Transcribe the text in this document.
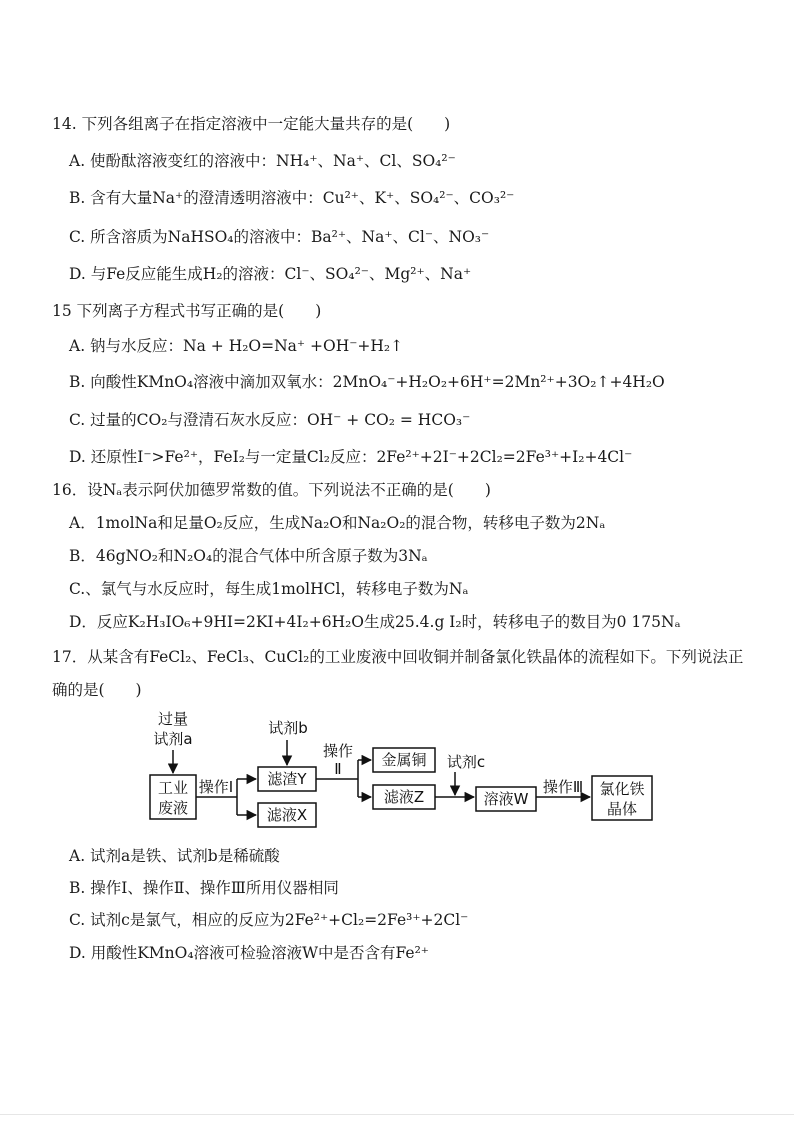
14. 下列各组离子在指定溶液中一定能大量共存的是(　　)
A. 使酚酞溶液变红的溶液中：NH₄⁺、Na⁺、Cl、SO₄²⁻
B. 含有大量Na⁺的澄清透明溶液中：Cu²⁺、K⁺、SO₄²⁻、CO₃²⁻
C. 所含溶质为NaHSO₄的溶液中：Ba²⁺、Na⁺、Cl⁻、NO₃⁻
D. 与Fe反应能生成H₂的溶液：Cl⁻、SO₄²⁻、Mg²⁺、Na⁺
15 下列离子方程式书写正确的是(　　)
A. 钠与水反应：Na + H₂O=Na⁺ +OH⁻+H₂↑
B. 向酸性KMnO₄溶液中滴加双氧水：2MnO₄⁻+H₂O₂+6H⁺=2Mn²⁺+3O₂↑+4H₂O
C. 过量的CO₂与澄清石灰水反应：OH⁻ + CO₂ = HCO₃⁻
D. 还原性I⁻>Fe²⁺，FeI₂与一定量Cl₂反应：2Fe²⁺+2I⁻+2Cl₂=2Fe³⁺+I₂+4Cl⁻
16．设Nₐ表示阿伏加德罗常数的值。下列说法不正确的是(　　)
A．1molNa和足量O₂反应，生成Na₂O和Na₂O₂的混合物，转移电子数为2Nₐ
B．46gNO₂和N₂O₄的混合气体中所含原子数为3Nₐ
C.、氯气与水反应时，每生成1molHCl，转移电子数为Nₐ
D．反应K₂H₃IO₆+9HI=2KI+4I₂+6H₂O生成25.4.g I₂时，转移电子的数目为0 175Nₐ
17．从某含有FeCl₂、FeCl₃、CuCl₂的工业废液中回收铜并制备氯化铁晶体的流程如下。下列说法正
确的是(　　)
过量
试剂a
试剂b
试剂c
工业
废液
滤渣Y
滤液X
金属铜
滤液Z	溶液W
氯化铁
晶体
操作Ⅰ
操作
Ⅱ
操作Ⅲ
A. 试剂a是铁、试剂b是稀硫酸
B. 操作Ⅰ、操作Ⅱ、操作Ⅲ所用仪器相同
C. 试剂c是氯气，相应的反应为2Fe²⁺+Cl₂=2Fe³⁺+2Cl⁻
D. 用酸性KMnO₄溶液可检验溶液W中是否含有Fe²⁺
